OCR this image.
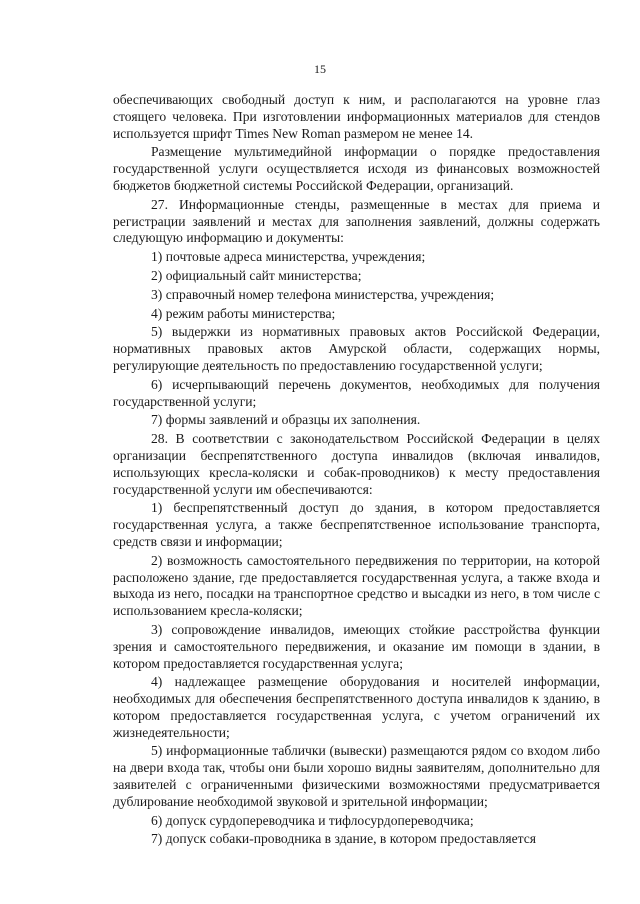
15

обеспечивающих свободный доступ к ним, и располагаются на уровне глаз стоящего человека. При изготовлении информационных материалов для стендов используется шрифт Times New Roman размером не менее 14.

Размещение мультимедийной информации о порядке предоставления государственной услуги осуществляется исходя из финансовых возможностей бюджетов бюджетной системы Российской Федерации, организаций.

27. Информационные стенды, размещенные в местах для приема и регистрации заявлений и местах для заполнения заявлений, должны содержать следующую информацию и документы:

1) почтовые адреса министерства, учреждения;

2) официальный сайт министерства;

3) справочный номер телефона министерства, учреждения;

4) режим работы министерства;

5) выдержки из нормативных правовых актов Российской Федерации, нормативных правовых актов Амурской области, содержащих нормы, регулирующие деятельность по предоставлению государственной услуги;

6) исчерпывающий перечень документов, необходимых для получения государственной услуги;

7) формы заявлений и образцы их заполнения.

28. В соответствии с законодательством Российской Федерации в целях организации беспрепятственного доступа инвалидов (включая инвалидов, использующих кресла-коляски и собак-проводников) к месту предоставления государственной услуги им обеспечиваются:

1) беспрепятственный доступ до здания, в котором предоставляется государственная услуга, а также беспрепятственное использование транспорта, средств связи и информации;

2) возможность самостоятельного передвижения по территории, на которой расположено здание, где предоставляется государственная услуга, а также входа и выхода из него, посадки на транспортное средство и высадки из него, в том числе с использованием кресла-коляски;

3) сопровождение инвалидов, имеющих стойкие расстройства функции зрения и самостоятельного передвижения, и оказание им помощи в здании, в котором предоставляется государственная услуга;

4) надлежащее размещение оборудования и носителей информации, необходимых для обеспечения беспрепятственного доступа инвалидов к зданию, в котором предоставляется государственная услуга, с учетом ограничений их жизнедеятельности;

5) информационные таблички (вывески) размещаются рядом со входом либо на двери входа так, чтобы они были хорошо видны заявителям, дополнительно для заявителей с ограниченными физическими возможностями предусматривается дублирование необходимой звуковой и зрительной информации;

6) допуск сурдопереводчика и тифлосурдопереводчика;

7) допуск собаки-проводника в здание, в котором предоставляется
